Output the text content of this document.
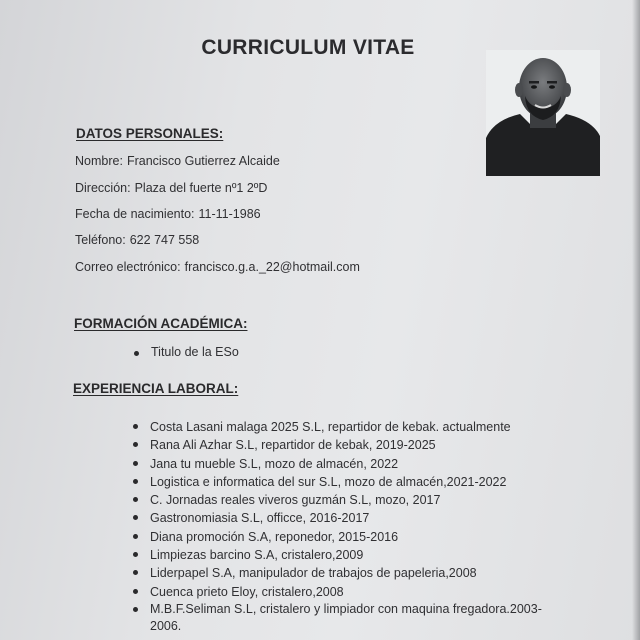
CURRICULUM VITAE
DATOS PERSONALES:
Nombre: Francisco Gutierrez Alcaide
Dirección: Plaza del fuerte nº1 2ºD
Fecha de nacimiento: 11-11-1986
Teléfono: 622 747 558
Correo electrónico: francisco.g.a._22@hotmail.com
FORMACIÓN ACADÉMICA:
Titulo de la ESo
EXPERIENCIA LABORAL:
Costa Lasani malaga 2025 S.L, repartidor de kebak. actualmente
Rana Ali Azhar S.L, repartidor de kebak, 2019-2025
Jana tu mueble S.L, mozo de almacén, 2022
Logistica e informatica del sur S.L, mozo de almacén,2021-2022
C. Jornadas reales viveros guzmán S.L, mozo, 2017
Gastronomiasia S.L, officce, 2016-2017
Diana promoción S.A, reponedor, 2015-2016
Limpiezas barcino S.A, cristalero,2009
Liderpapel S.A, manipulador de trabajos de papeleria,2008
Cuenca prieto Eloy, cristalero,2008
M.B.F.Seliman S.L, cristalero y limpiador con maquina fregadora.2003-2006.
